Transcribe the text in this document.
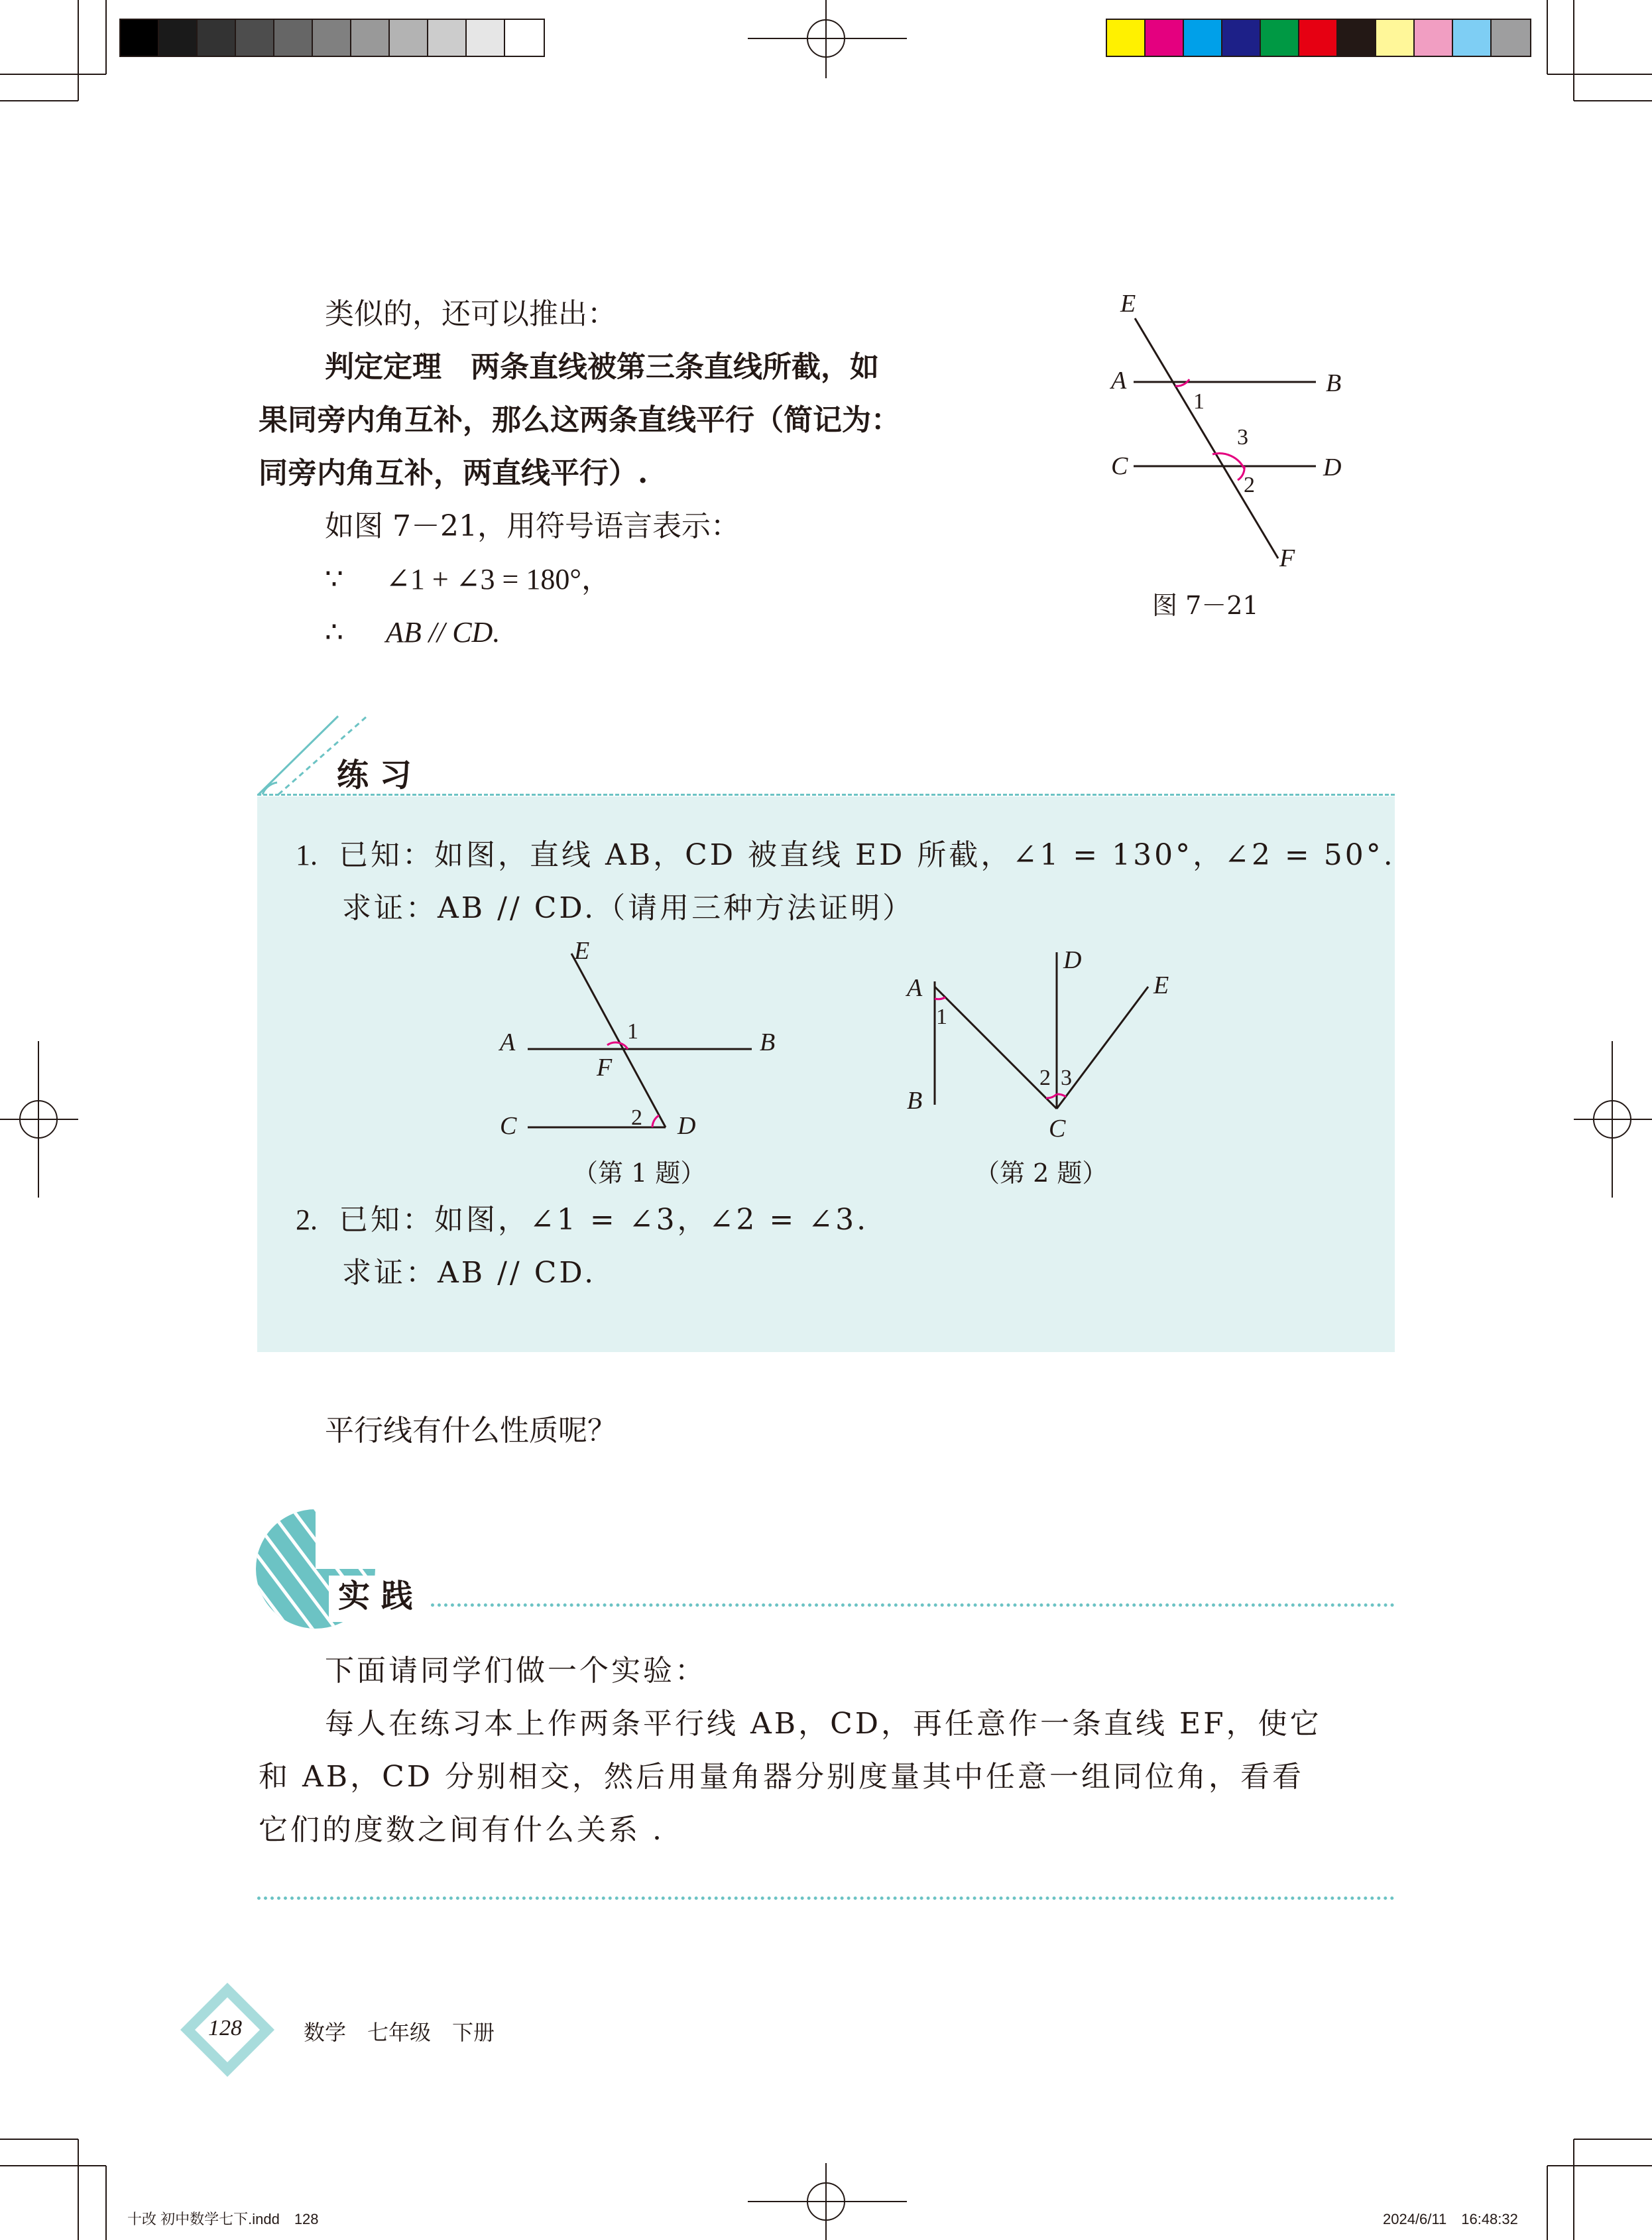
类似的，还可以推出：
判定定理　 两条直线被第三条直线所截，如
果同旁内角互补，那么这两条直线平行（简记为：
同旁内角互补，两直线平行）.
如图 7－21，用符号语言表示：
∵ ∠1 + ∠3 = 180°，
∴ AB // CD.
E
A	B
C	D
F
1
3
2
图 7－21
练 习
1. 已知：如图，直线 AB，CD 被直线 ED 所截，∠1 = 130°，∠2 = 50°.
求证：AB // CD.（请用三种方法证明）
E
A	B
F
C	D
1
2
（第 1 题）
A
B
D
E
C
1
2 3
（第 2 题）
2. 已知：如图，∠1 = ∠3，∠2 = ∠3.
求证：AB // CD.
平行线有什么性质呢？
实 践
下面请同学们做一个实验：
每人在练习本上作两条平行线 AB，CD，再任意作一条直线 EF，使它
和 AB，CD 分别相交，然后用量角器分别度量其中任意一组同位角，看看
它们的度数之间有什么关系 .
128	数学　七年级　下册
十改 初中数学七下.indd　128	2024/6/11　16:48:32
